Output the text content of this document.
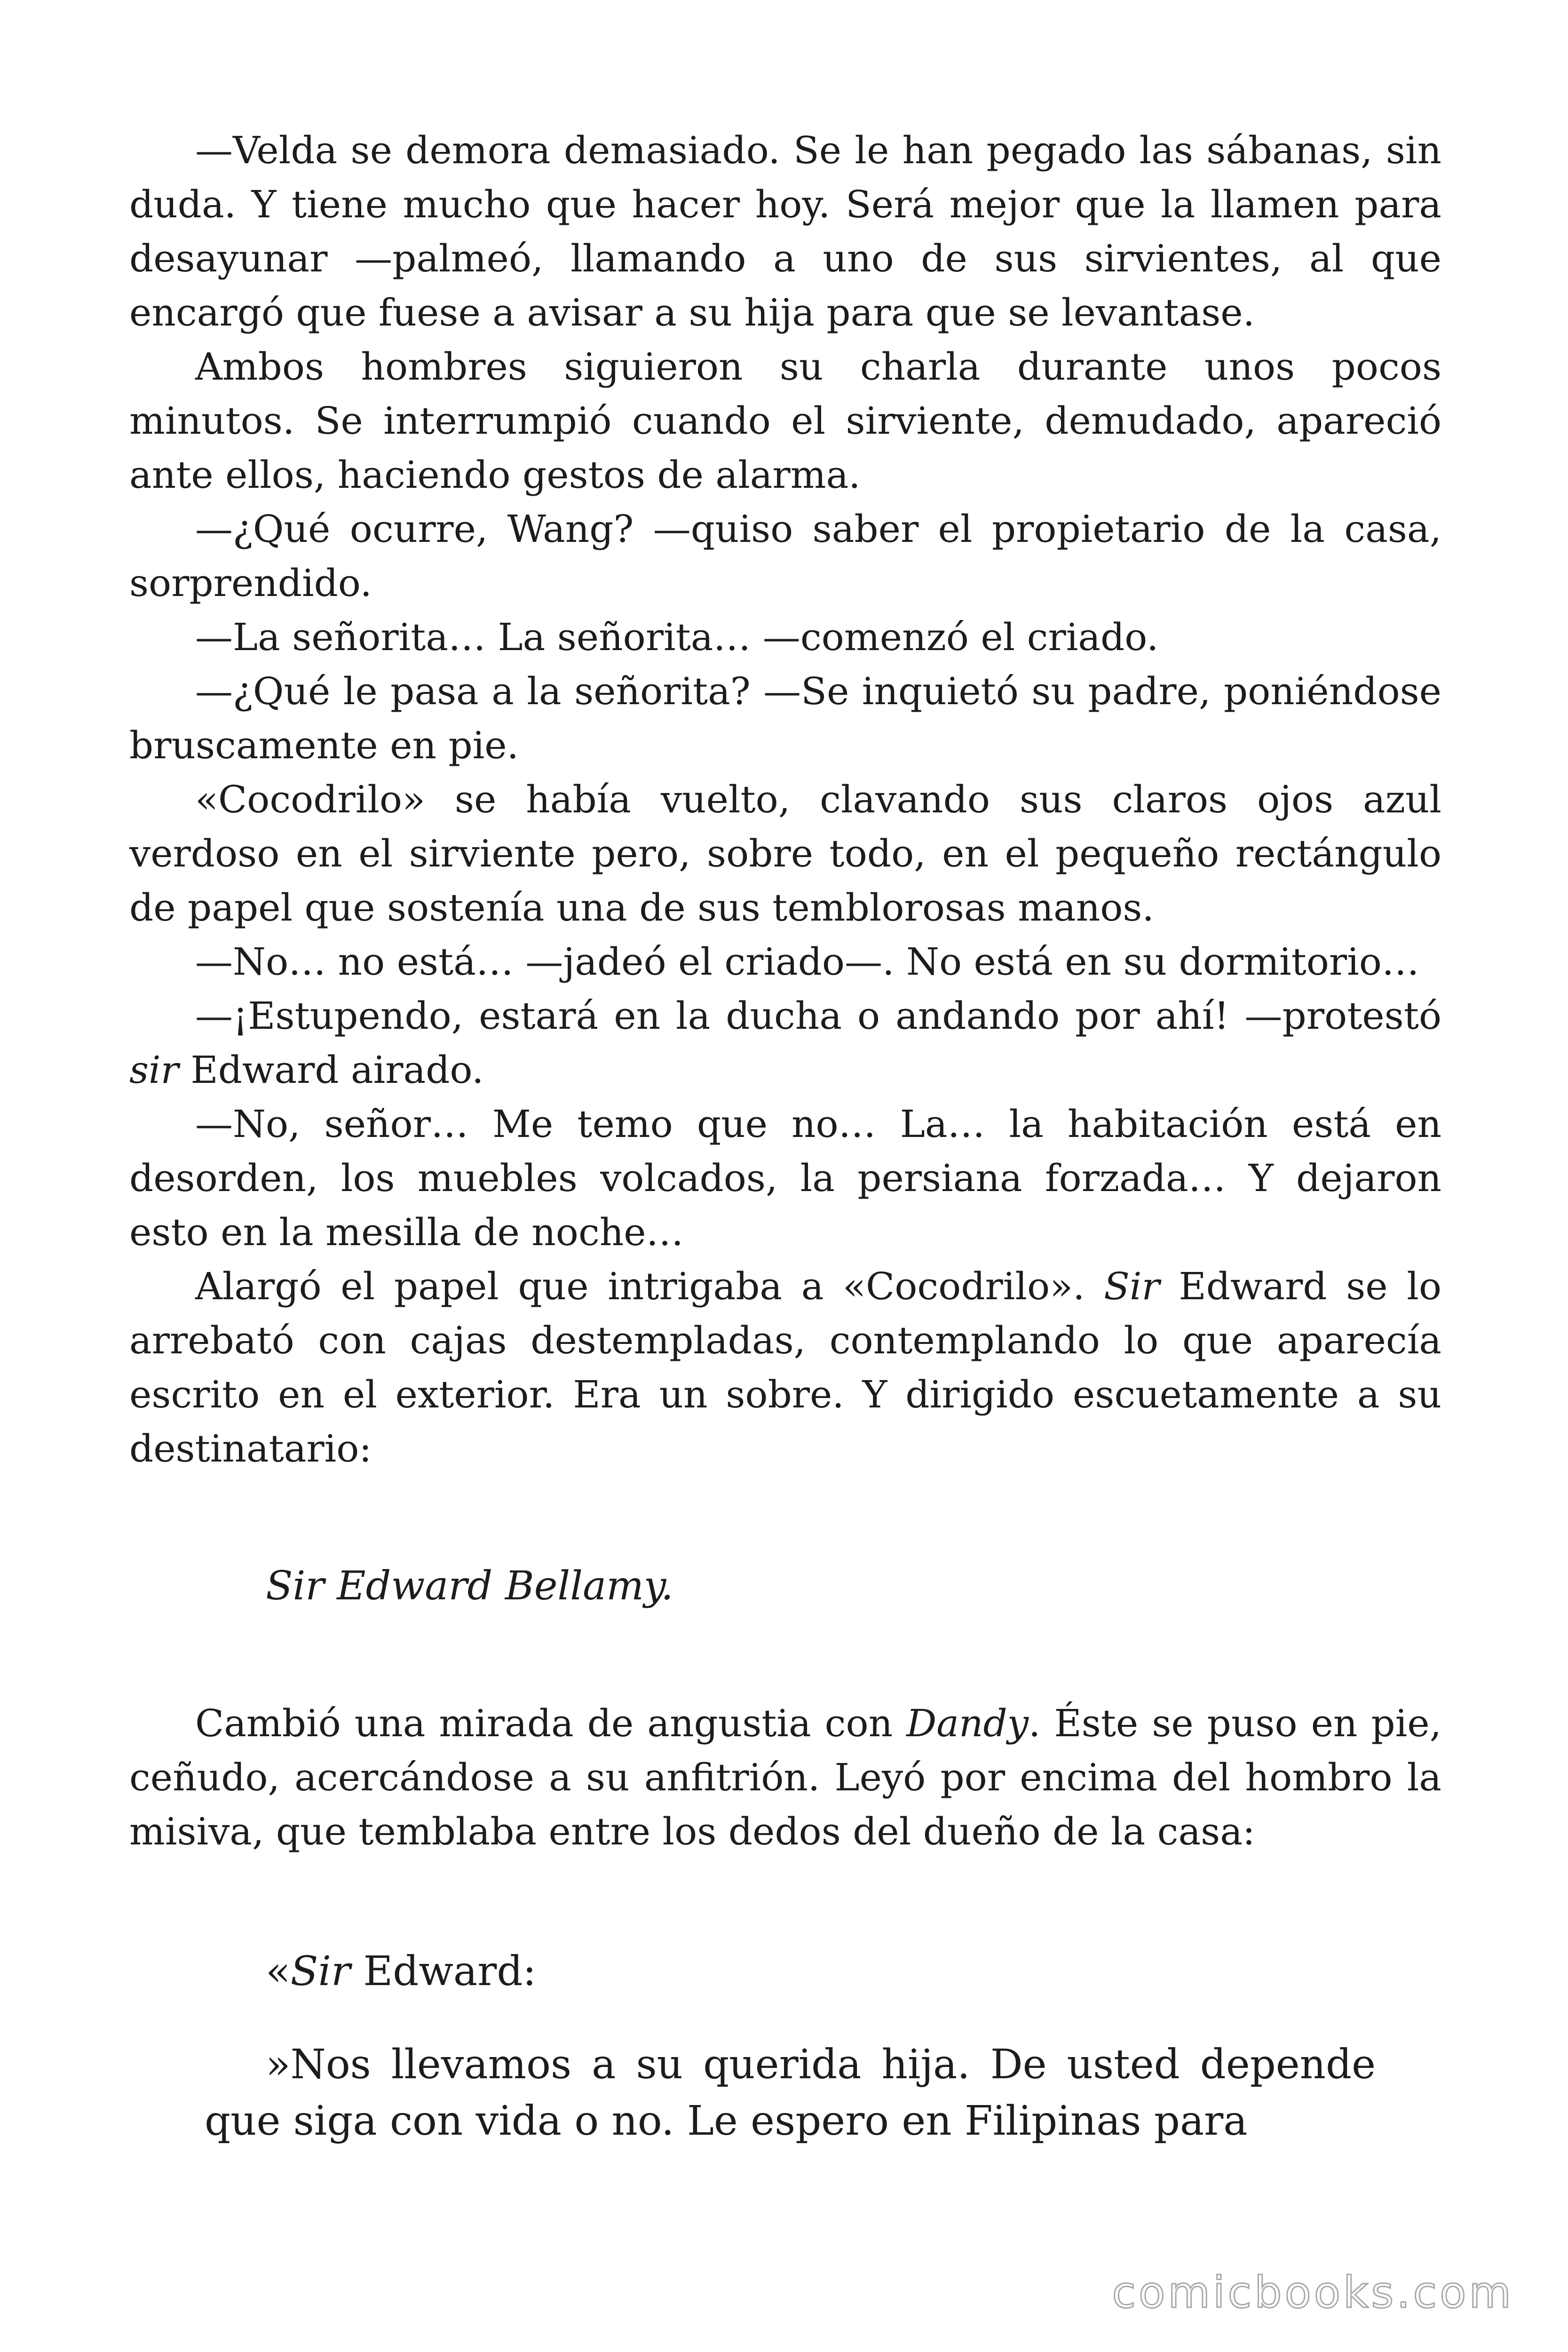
—Velda se demora demasiado. Se le han pegado las sábanas, sin duda. Y tiene mucho que hacer hoy. Será mejor que la llamen para desayunar —palmeó, llamando a uno de sus sirvientes, al que encargó que fuese a avisar a su hija para que se levantase.

Ambos hombres siguieron su charla durante unos pocos minutos. Se interrumpió cuando el sirviente, demudado, apareció ante ellos, haciendo gestos de alarma.

—¿Qué ocurre, Wang? —quiso saber el propietario de la casa, sorprendido.

—La señorita… La señorita… —comenzó el criado.

—¿Qué le pasa a la señorita? —Se inquietó su padre, poniéndose bruscamente en pie.

«Cocodrilo» se había vuelto, clavando sus claros ojos azul verdoso en el sirviente pero, sobre todo, en el pequeño rectángulo de papel que sostenía una de sus temblorosas manos.

—No… no está… —jadeó el criado—. No está en su dormitorio…

—¡Estupendo, estará en la ducha o andando por ahí! —protestó sir Edward airado.

—No, señor… Me temo que no… La… la habitación está en desorden, los muebles volcados, la persiana forzada… Y dejaron esto en la mesilla de noche…

Alargó el papel que intrigaba a «Cocodrilo». Sir Edward se lo arrebató con cajas destempladas, contemplando lo que aparecía escrito en el exterior. Era un sobre. Y dirigido escuetamente a su destinatario:

Sir Edward Bellamy.

Cambió una mirada de angustia con Dandy. Éste se puso en pie, ceñudo, acercándose a su anfitrión. Leyó por encima del hombro la misiva, que temblaba entre los dedos del dueño de la casa:

«Sir Edward:

»Nos llevamos a su querida hija. De usted depende que siga con vida o no. Le espero en Filipinas para

comicbooks.com
